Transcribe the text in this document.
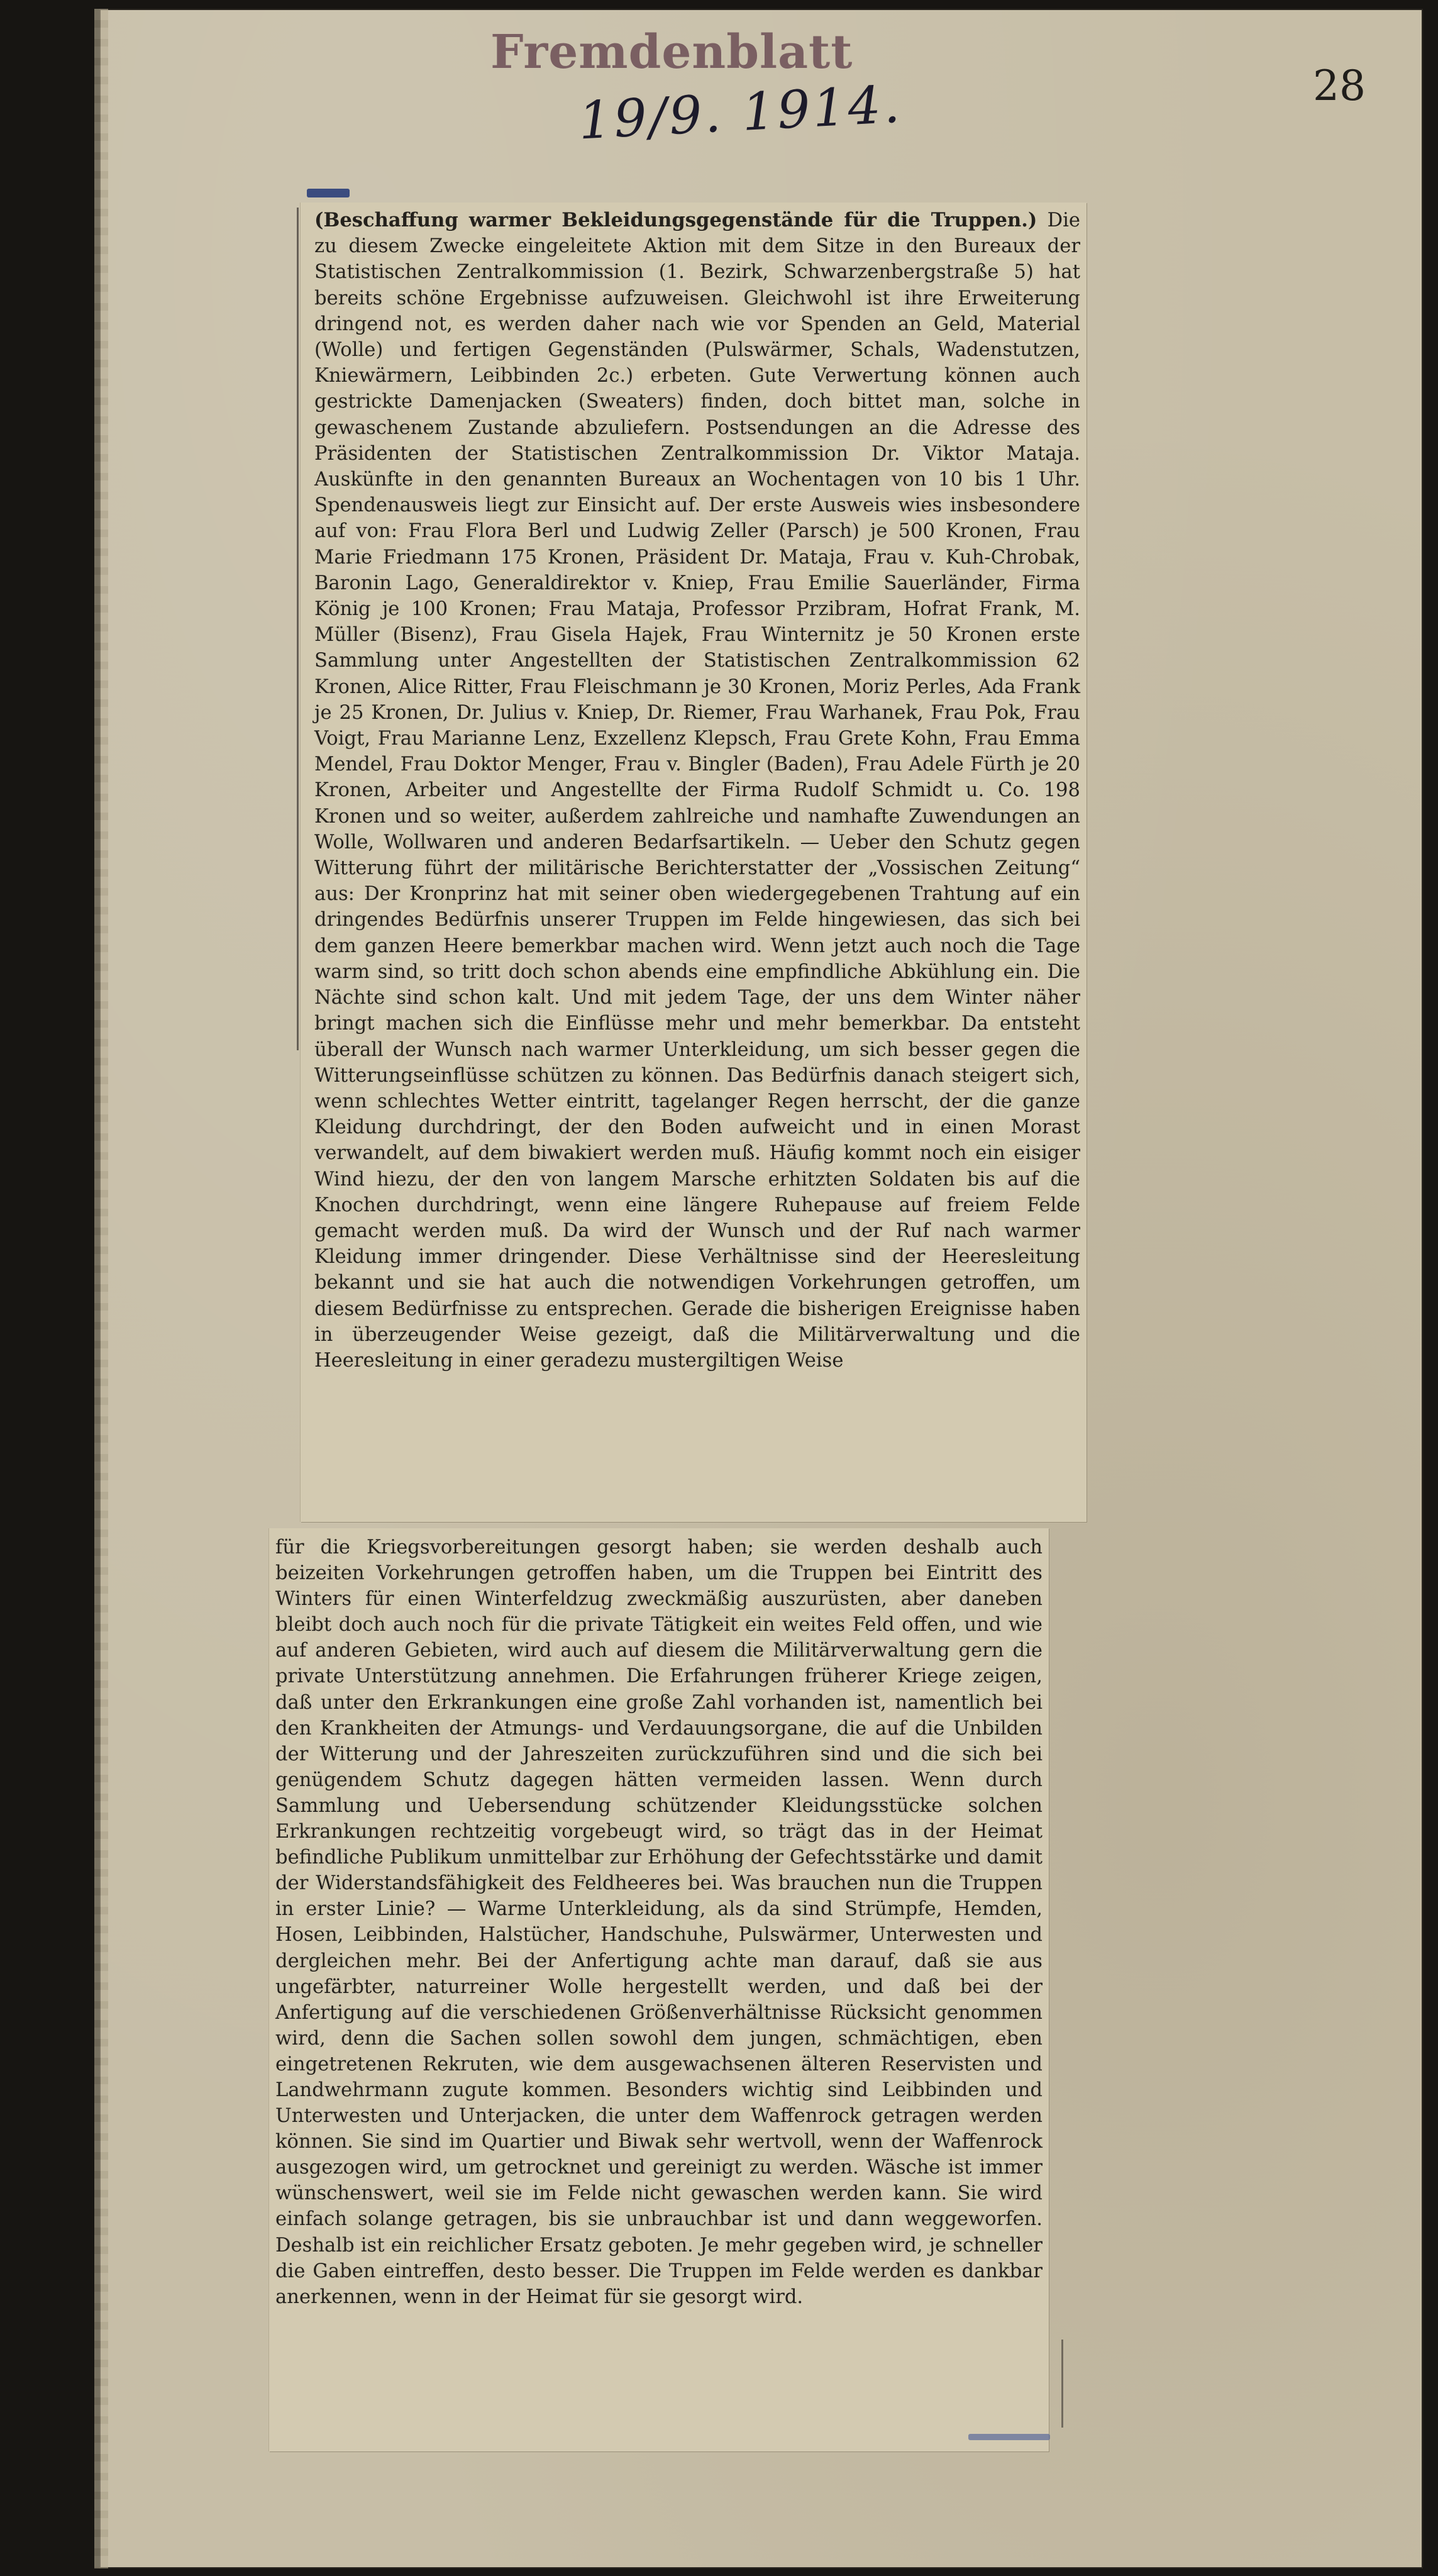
Fremdenblatt
19/9. 1914.	28

(Beschaffung warmer Bekleidungsgegenstände für die Truppen.) Die zu diesem Zwecke eingeleitete Aktion mit dem Sitze in den Bureaux der Statistischen Zentralkommission (1. Bezirk, Schwarzenbergstraße 5) hat bereits schöne Ergebnisse aufzuweisen. Gleichwohl ist ihre Erweiterung dringend not, es werden daher nach wie vor Spenden an Geld, Material (Wolle) und fertigen Gegenständen (Pulswärmer, Schals, Wadenstutzen, Kniewärmern, Leibbinden 2c.) erbeten. Gute Verwertung können auch gestrickte Damenjacken (Sweaters) finden, doch bittet man, solche in gewaschenem Zustande abzuliefern. Postsendungen an die Adresse des Präsidenten der Statistischen Zentralkommission Dr. Viktor Mataja. Auskünfte in den genannten Bureaux an Wochentagen von 10 bis 1 Uhr. Spendenausweis liegt zur Einsicht auf. Der erste Ausweis wies insbesondere auf von: Frau Flora Berl und Ludwig Zeller (Parsch) je 500 Kronen, Frau Marie Friedmann 175 Kronen, Präsident Dr. Mataja, Frau v. Kuh-Chrobak, Baronin Lago, Generaldirektor v. Kniep, Frau Emilie Sauerländer, Firma König je 100 Kronen; Frau Mataja, Professor Przibram, Hofrat Frank, M. Müller (Bisenz), Frau Gisela Hajek, Frau Winternitz je 50 Kronen erste Sammlung unter Angestellten der Statistischen Zentralkommission 62 Kronen, Alice Ritter, Frau Fleischmann je 30 Kronen, Moriz Perles, Ada Frank je 25 Kronen, Dr. Julius v. Kniep, Dr. Riemer, Frau Warhanek, Frau Pok, Frau Voigt, Frau Marianne Lenz, Exzellenz Klepsch, Frau Grete Kohn, Frau Emma Mendel, Frau Doktor Menger, Frau v. Bingler (Baden), Frau Adele Fürth je 20 Kronen, Arbeiter und Angestellte der Firma Rudolf Schmidt u. Co. 198 Kronen und so weiter, außerdem zahlreiche und namhafte Zuwendungen an Wolle, Wollwaren und anderen Bedarfsartikeln. — Ueber den Schutz gegen Witterung führt der militärische Berichterstatter der „Vossischen Zeitung“ aus: Der Kronprinz hat mit seiner oben wiedergegebenen Trahtung auf ein dringendes Bedürfnis unserer Truppen im Felde hingewiesen, das sich bei dem ganzen Heere bemerkbar machen wird. Wenn jetzt auch noch die Tage warm sind, so tritt doch schon abends eine empfindliche Abkühlung ein. Die Nächte sind schon kalt. Und mit jedem Tage, der uns dem Winter näher bringt machen sich die Einflüsse mehr und mehr bemerkbar. Da entsteht überall der Wunsch nach warmer Unterkleidung, um sich besser gegen die Witterungseinflüsse schützen zu können. Das Bedürfnis danach steigert sich, wenn schlechtes Wetter eintritt, tagelanger Regen herrscht, der die ganze Kleidung durchdringt, der den Boden aufweicht und in einen Morast verwandelt, auf dem biwakiert werden muß. Häufig kommt noch ein eisiger Wind hiezu, der den von langem Marsche erhitzten Soldaten bis auf die Knochen durchdringt, wenn eine längere Ruhepause auf freiem Felde gemacht werden muß. Da wird der Wunsch und der Ruf nach warmer Kleidung immer dringender. Diese Verhältnisse sind der Heeresleitung bekannt und sie hat auch die notwendigen Vorkehrungen getroffen, um diesem Bedürfnisse zu entsprechen. Gerade die bisherigen Ereignisse haben in überzeugender Weise gezeigt, daß die Militärverwaltung und die Heeresleitung in einer geradezu mustergiltigen Weise

für die Kriegsvorbereitungen gesorgt haben; sie werden deshalb auch beizeiten Vorkehrungen getroffen haben, um die Truppen bei Eintritt des Winters für einen Winterfeldzug zweckmäßig auszurüsten, aber daneben bleibt doch auch noch für die private Tätigkeit ein weites Feld offen, und wie auf anderen Gebieten, wird auch auf diesem die Militärverwaltung gern die private Unterstützung annehmen. Die Erfahrungen früherer Kriege zeigen, daß unter den Erkrankungen eine große Zahl vorhanden ist, namentlich bei den Krankheiten der Atmungs- und Verdauungsorgane, die auf die Unbilden der Witterung und der Jahreszeiten zurückzuführen sind und die sich bei genügendem Schutz dagegen hätten vermeiden lassen. Wenn durch Sammlung und Uebersendung schützender Kleidungsstücke solchen Erkrankungen rechtzeitig vorgebeugt wird, so trägt das in der Heimat befindliche Publikum unmittelbar zur Erhöhung der Gefechtsstärke und damit der Widerstandsfähigkeit des Feldheeres bei. Was brauchen nun die Truppen in erster Linie? — Warme Unterkleidung, als da sind Strümpfe, Hemden, Hosen, Leibbinden, Halstücher, Handschuhe, Pulswärmer, Unterwesten und dergleichen mehr. Bei der Anfertigung achte man darauf, daß sie aus ungefärbter, naturreiner Wolle hergestellt werden, und daß bei der Anfertigung auf die verschiedenen Größenverhältnisse Rücksicht genommen wird, denn die Sachen sollen sowohl dem jungen, schmächtigen, eben eingetretenen Rekruten, wie dem ausgewachsenen älteren Reservisten und Landwehrmann zugute kommen. Besonders wichtig sind Leibbinden und Unterwesten und Unterjacken, die unter dem Waffenrock getragen werden können. Sie sind im Quartier und Biwak sehr wertvoll, wenn der Waffenrock ausgezogen wird, um getrocknet und gereinigt zu werden. Wäsche ist immer wünschenswert, weil sie im Felde nicht gewaschen werden kann. Sie wird einfach solange getragen, bis sie unbrauchbar ist und dann weggeworfen. Deshalb ist ein reichlicher Ersatz geboten. Je mehr gegeben wird, je schneller die Gaben eintreffen, desto besser. Die Truppen im Felde werden es dankbar anerkennen, wenn in der Heimat für sie gesorgt wird.
